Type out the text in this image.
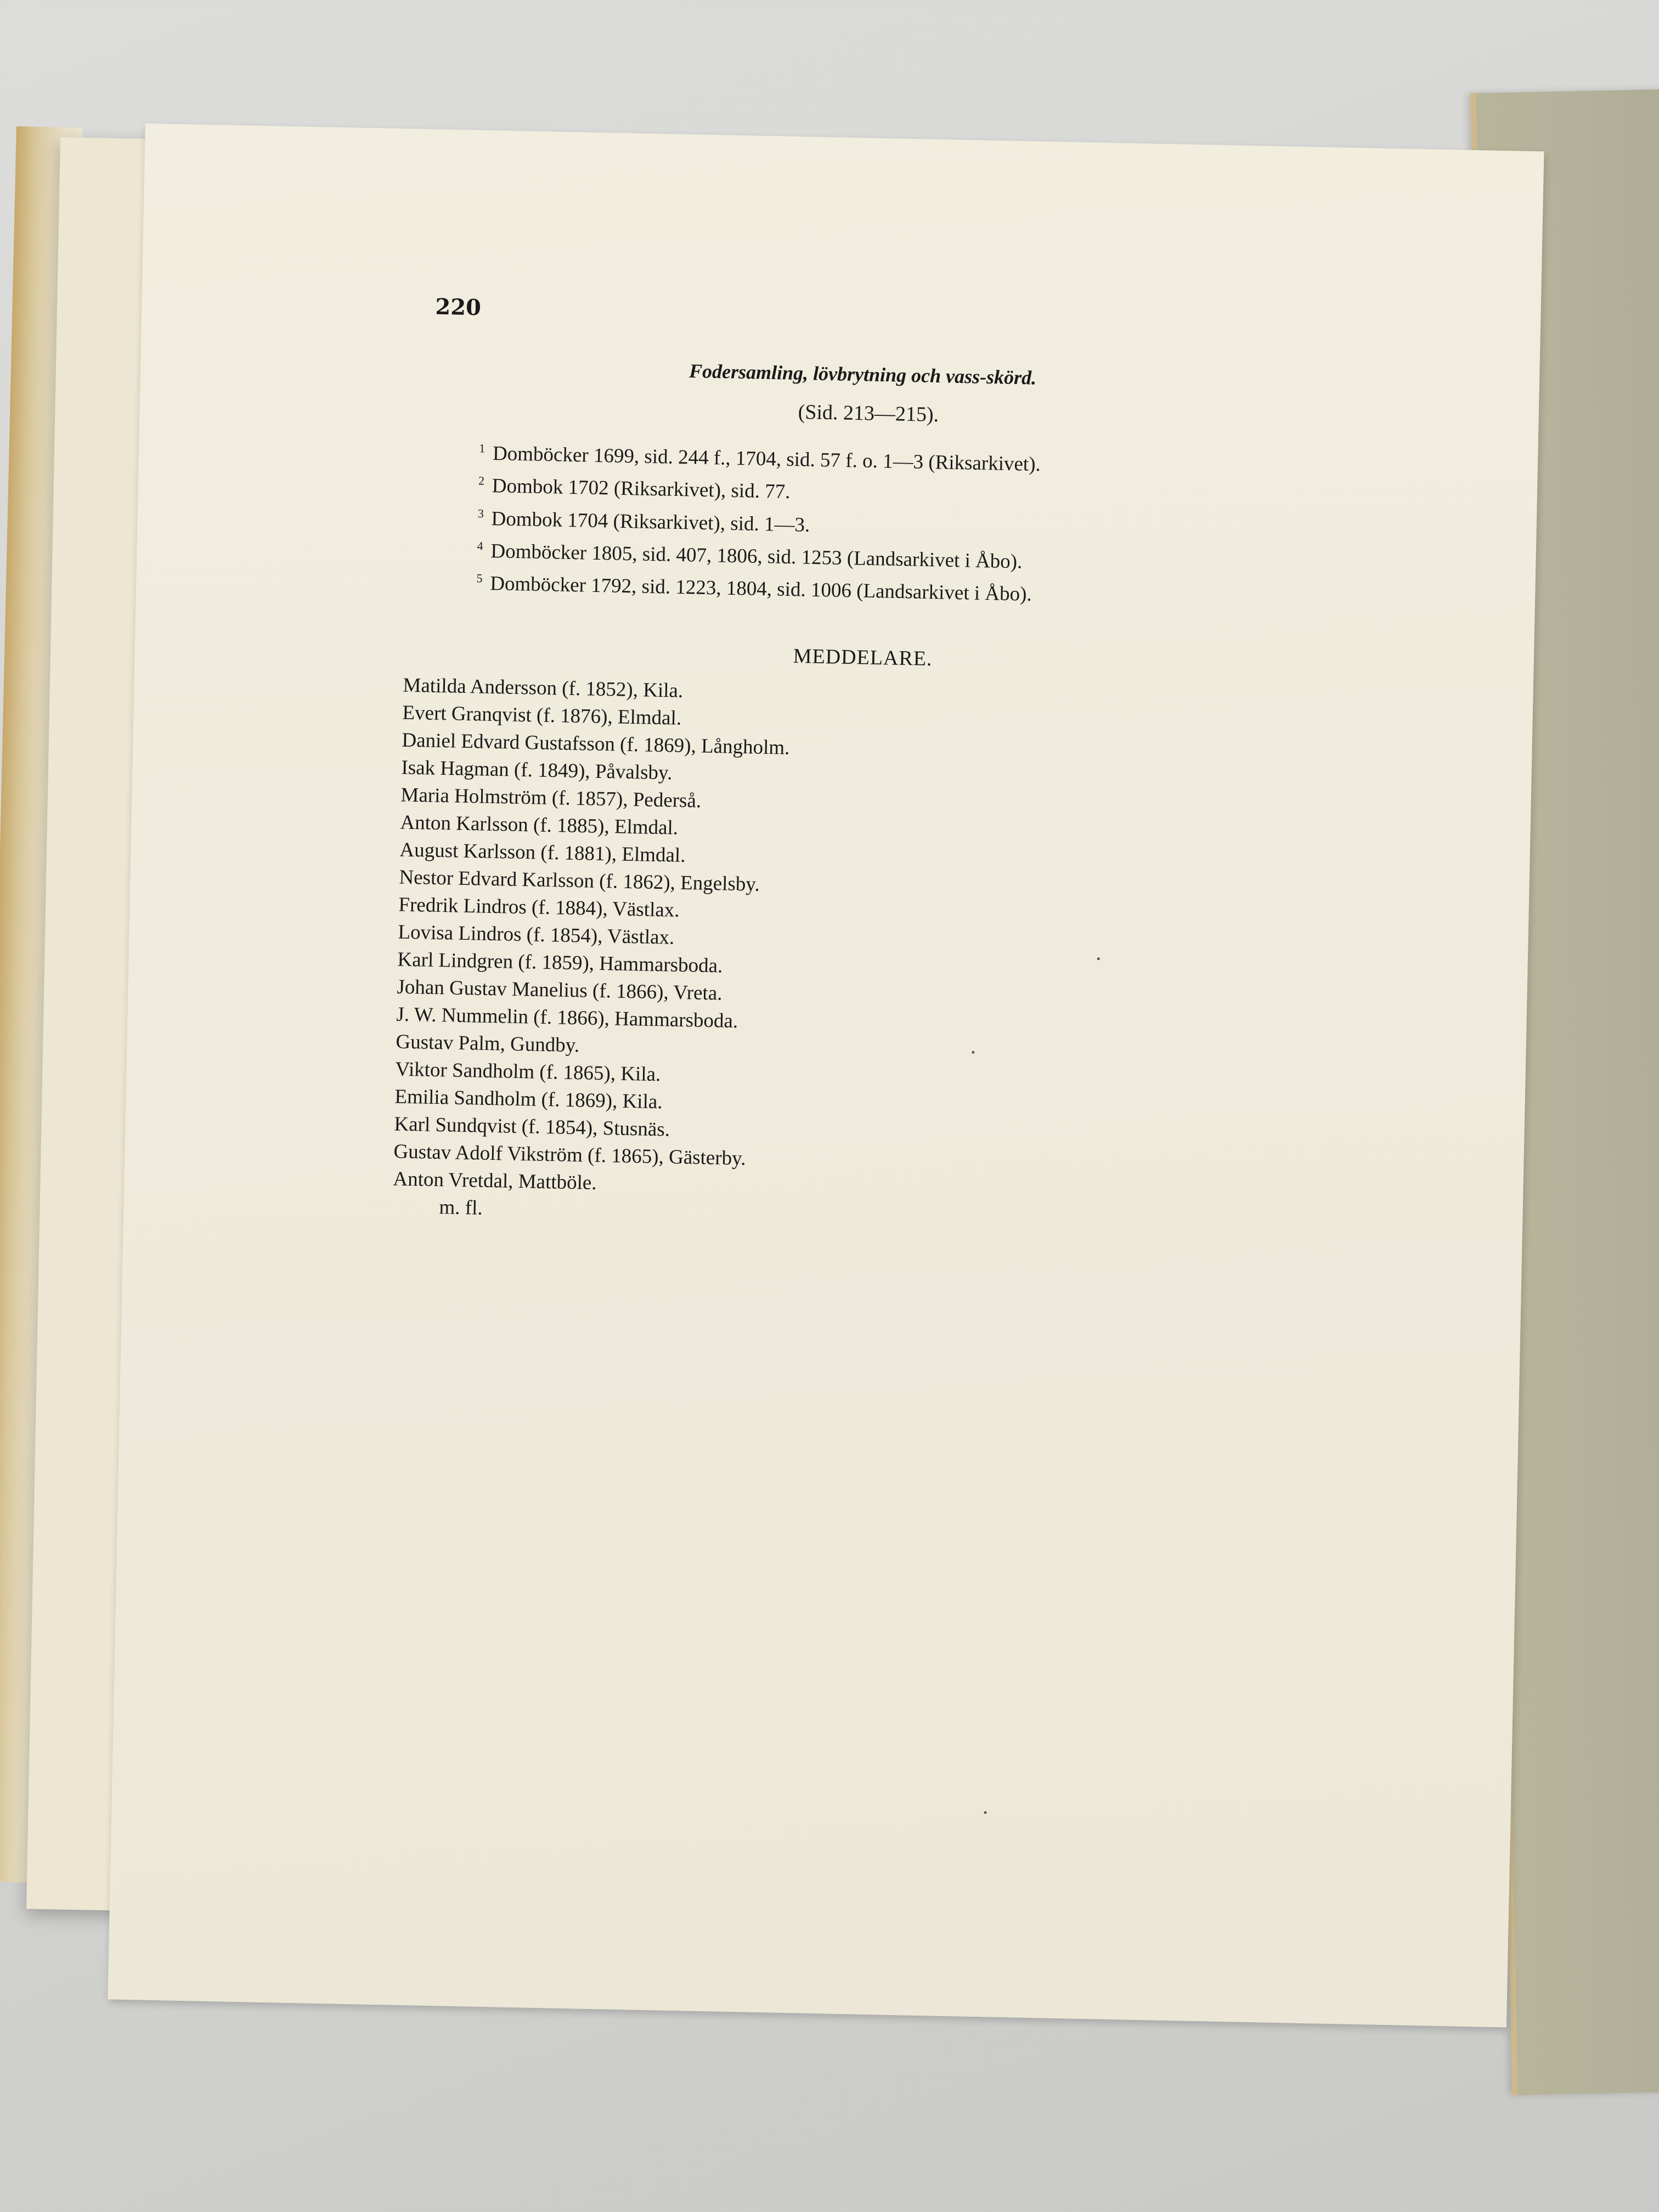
220
Fodersamling, lövbrytning och vass-skörd.
(Sid. 213—215).
$^1$ Domböcker 1699, sid. 244 f., 1704, sid. 57 f. o. 1—3 (Riksarkivet).
$^2$ Dombok 1702 (Riksarkivet), sid. 77.
$^3$ Dombok 1704 (Riksarkivet), sid. 1—3.
$^4$ Domböcker 1805, sid. 407, 1806, sid. 1253 (Landsarkivet i Åbo).
$^5$ Domböcker 1792, sid. 1223, 1804, sid. 1006 (Landsarkivet i Åbo).
MEDDELARE.
Matilda Andersson (f. 1852), Kila.
Evert Granqvist (f. 1876), Elmdal.
Daniel Edvard Gustafsson (f. 1869), Långholm.
Isak Hagman (f. 1849), Påvalsby.
Maria Holmström (f. 1857), Pederså.
Anton Karlsson (f. 1885), Elmdal.
August Karlsson (f. 1881), Elmdal.
Nestor Edvard Karlsson (f. 1862), Engelsby.
Fredrik Lindros (f. 1884), Västlax.
Lovisa Lindros (f. 1854), Västlax.
Karl Lindgren (f. 1859), Hammarsboda.
Johan Gustav Manelius (f. 1866), Vreta.
J. W. Nummelin (f. 1866), Hammarsboda.
Gustav Palm, Gundby.
Viktor Sandholm (f. 1865), Kila.
Emilia Sandholm (f. 1869), Kila.
Karl Sundqvist (f. 1854), Stusnäs.
Gustav Adolf Vikström (f. 1865), Gästerby.
Anton Vretdal, Mattböle.
m. fl.
